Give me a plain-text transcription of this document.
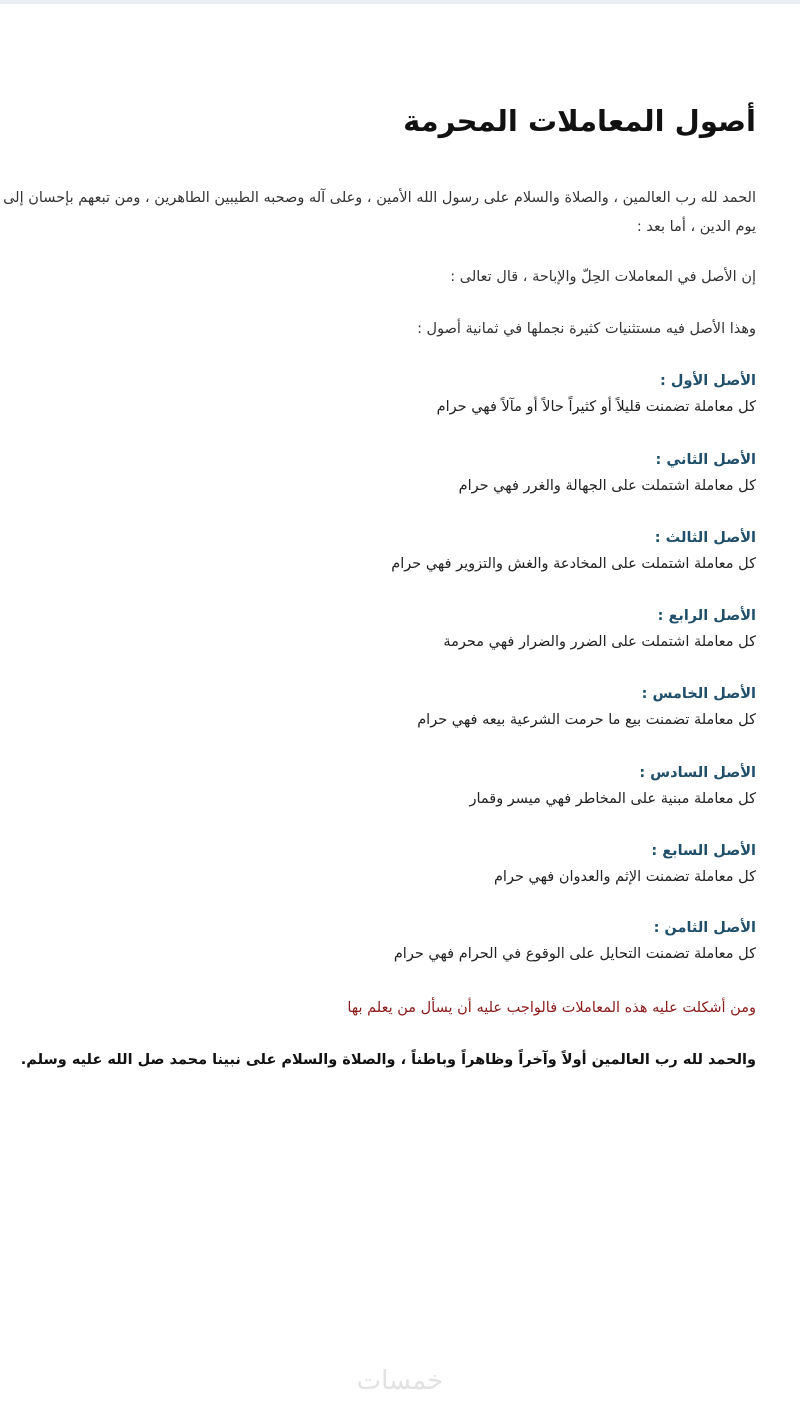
أصول المعاملات المحرمة

الحمد لله رب العالمين ، والصلاة والسلام على رسول الله الأمين ، وعلى آله وصحبه الطيبين الطاهرين ، ومن تبعهم بإحسان إلى

يوم الدين ، أما بعد :

إن الأصل في المعاملات الحِلّ والإباحة ، قال تعالى :

وهذا الأصل فيه مستثنيات كثيرة نجملها في ثمانية أصول :

الأصل الأول :

كل معاملة تضمنت قليلاً أو كثيراً حالاً أو مآلاً فهي حرام

الأصل الثاني :

كل معاملة اشتملت على الجهالة والغرر فهي حرام

الأصل الثالث :

كل معاملة اشتملت على المخادعة والغش والتزوير فهي حرام

الأصل الرابع :

كل معاملة اشتملت على الضرر والضرار فهي محرمة

الأصل الخامس :

كل معاملة تضمنت بيع ما حرمت الشرعية بيعه فهي حرام

الأصل السادس :

كل معاملة مبنية على المخاطر فهي ميسر وقمار

الأصل السابع :

كل معاملة تضمنت الإثم والعدوان فهي حرام

الأصل الثامن :

كل معاملة تضمنت التحايل على الوقوع في الحرام فهي حرام

ومن أشكلت عليه هذه المعاملات فالواجب عليه أن يسأل من يعلم بها

والحمد لله رب العالمين أولاً وآخراً وظاهراً وباطناً ، والصلاة والسلام على نبينا محمد صل الله عليه وسلم.

خمسات
